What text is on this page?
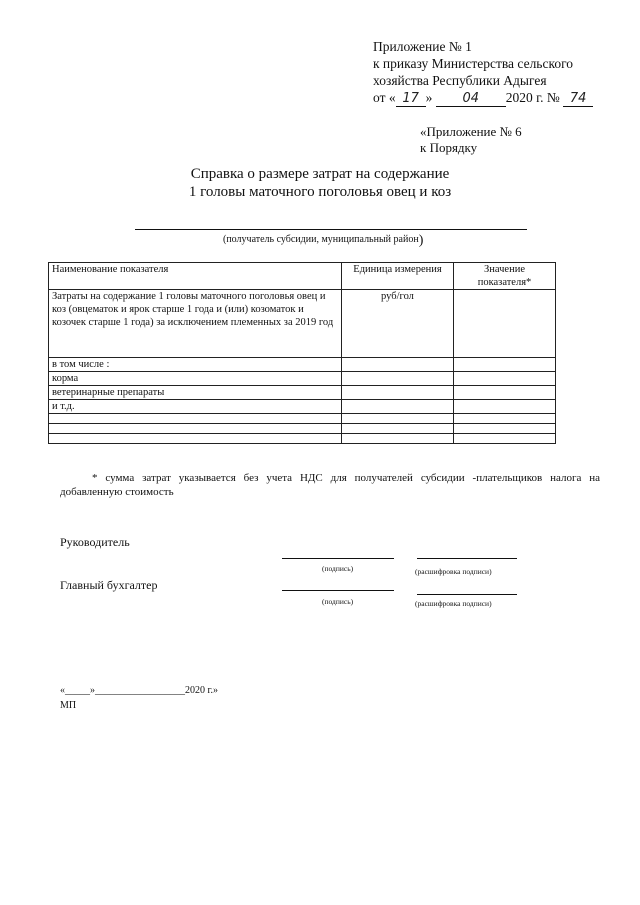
Приложение № 1
к приказу Министерства сельского
хозяйства Республики Адыгея
от « 17 » 04 2020 г. № 74
«Приложение № 6
к Порядку
Справка о размере затрат на содержание
1 головы маточного поголовья овец и коз
(получатель субсидии, муниципальный район)
Наименование показателя	Единица измерения	Значение показателя*
Затраты на содержание 1 головы маточного поголовья овец и коз (овцематок и ярок старше 1 года и (или) козоматок и козочек старше 1 года) за исключением племенных за 2019 год	руб/гол	
в том числе :		
корма		
ветеринарные препараты		
и т.д.		

* сумма затрат указывается без учета НДС для получателей субсидии -плательщиков налога на добавленную стоимость
Руководитель
(подпись)	(расшифровка подписи)
Главный бухгалтер
(подпись)	(расшифровка подписи)
«_____»__________________2020 г.»
МП
